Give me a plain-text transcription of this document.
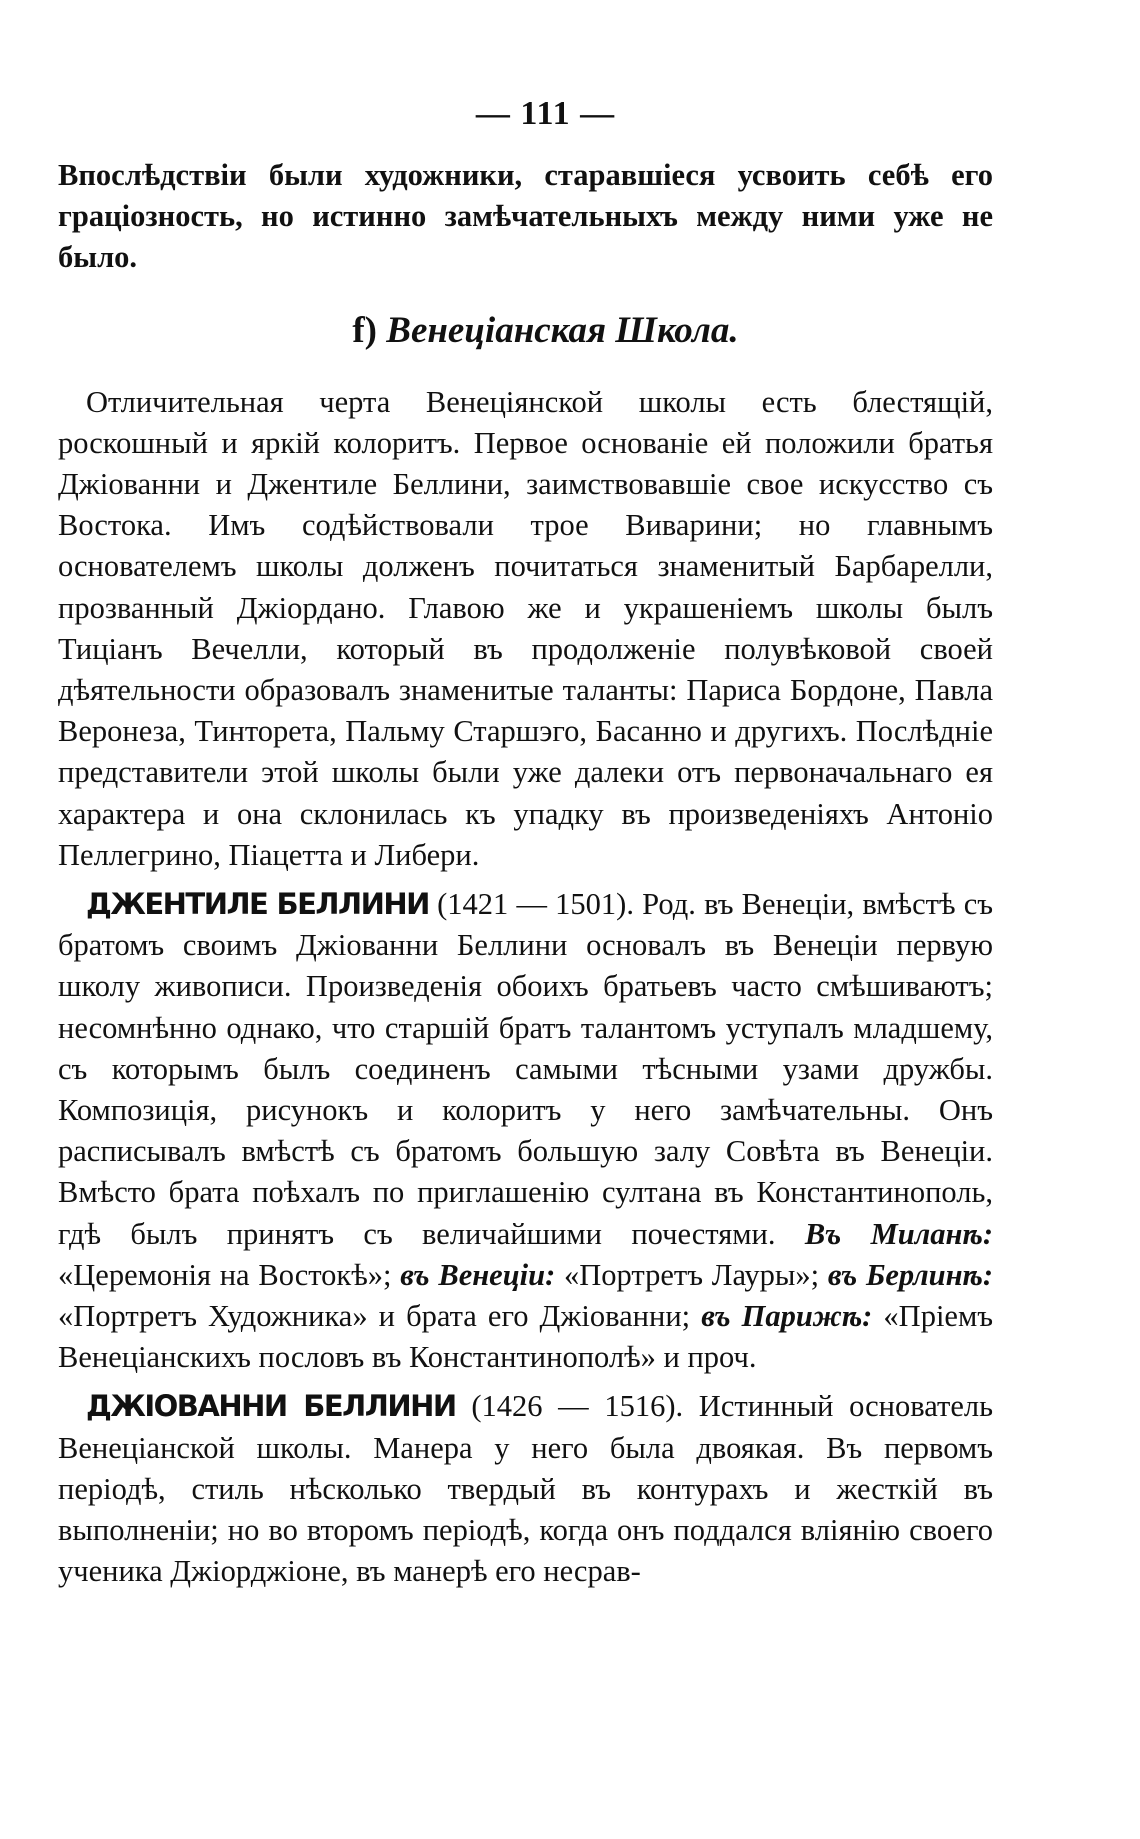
— 111 —

Впослѣдствіи были художники, старавшіеся усвоить себѣ его граціозность, но истинно замѣчательныхъ между ними уже не было.

f) Венеціанская Школа.

Отличительная черта Венеціянской школы есть блестящій, роскошный и яркій колоритъ. Первое основаніе ей положили братья Джіованни и Джентиле Беллини, заимствовавшіе свое искусство съ Востока. Имъ содѣйствовали трое Виварини; но главнымъ основателемъ школы долженъ почитаться знаменитый Барбарелли, прозванный Джіордано. Главою же и украшеніемъ школы былъ Тиціанъ Вечелли, который въ продолженіе полувѣковой своей дѣятельности образовалъ знаменитые таланты: Париса Бордоне, Павла Веронеза, Тинторета, Пальму Старшэго, Басанно и другихъ. Послѣдніе представители этой школы были уже далеки отъ первоначальнаго ея характера и она склонилась къ упадку въ произведеніяхъ Антоніо Пеллегрино, Піацетта и Либери.

ДЖЕНТИЛЕ БЕЛЛИНИ (1421 — 1501). Род. въ Венеціи, вмѣстѣ съ братомъ своимъ Джіованни Беллини основалъ въ Венеціи первую школу живописи. Произведенія обоихъ братьевъ часто смѣшиваютъ; несомнѣнно однако, что старшій братъ талантомъ уступалъ младшему, съ которымъ былъ соединенъ самыми тѣсными узами дружбы. Композиція, рисунокъ и колоритъ у него замѣчательны. Онъ расписывалъ вмѣстѣ съ братомъ большую залу Совѣта въ Венеціи. Вмѣсто брата поѣхалъ по приглашенію султана въ Константинополь, гдѣ былъ принятъ съ величайшими почестями. Въ Миланѣ: «Церемонія на Востокѣ»; въ Венеціи: «Портретъ Лауры»; въ Берлинѣ: «Портретъ Художника» и брата его Джіованни; въ Парижѣ: «Пріемъ Венеціанскихъ пословъ въ Константинополѣ» и проч.

ДЖІОВАННИ БЕЛЛИНИ (1426 — 1516). Истинный основатель Венеціанской школы. Манера у него была двоякая. Въ первомъ періодѣ, стиль нѣсколько твердый въ контурахъ и жесткій въ выполненіи; но во второмъ періодѣ, когда онъ поддался вліянію своего ученика Джіорджіоне, въ манерѣ его несрав-
